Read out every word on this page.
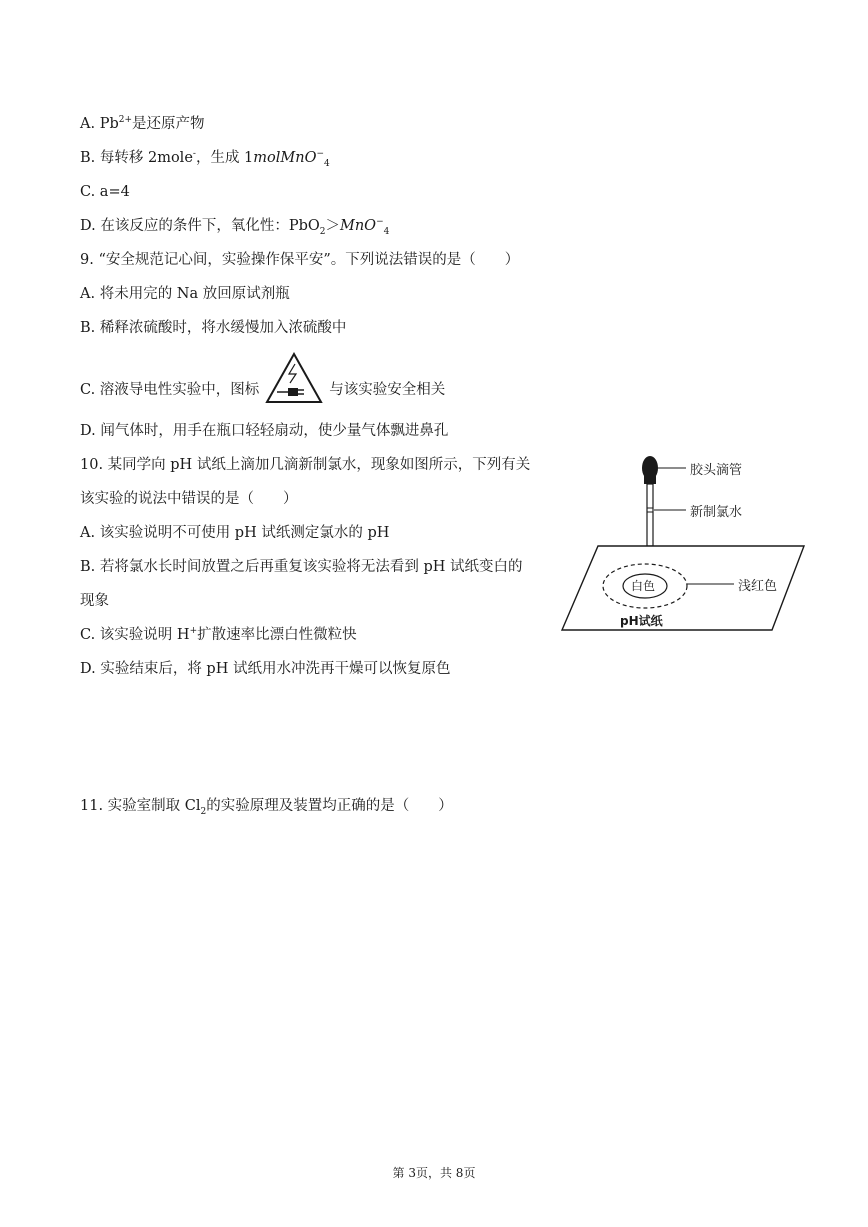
A. $Pb^{2+}$是还原产物
B. 每转移 2mole-，生成 1molMnO−$_4$
C. a=4
D. 在该反应的条件下，氧化性：PbO$_2$＞MnO−$_4$
9. “安全规范记心间，实验操作保平安”。下列说法错误的是（　　）
A. 将未用完的 Na 放回原试剂瓶
B. 稀释浓硫酸时，将水缓慢加入浓硫酸中
C. 溶液导电性实验中，图标	与该实验安全相关
D. 闻气体时，用手在瓶口轻轻扇动，使少量气体飘进鼻孔
10. 某同学向 pH 试纸上滴加几滴新制氯水，现象如图所示，下列有关
该实验的说法中错误的是（　　）
A. 该实验说明不可使用 pH 试纸测定氯水的 pH
B. 若将氯水长时间放置之后再重复该实验将无法看到 pH 试纸变白的
现象
C. 该实验说明 H+扩散速率比漂白性微粒快
D. 实验结束后，将 pH 试纸用水冲洗再干燥可以恢复原色
胶头滴管
新制氯水
白色	浅红色
pH试纸
11. 实验室制取 $Cl_2$的实验原理及装置均正确的是（　　）
第 3页，共 8页
